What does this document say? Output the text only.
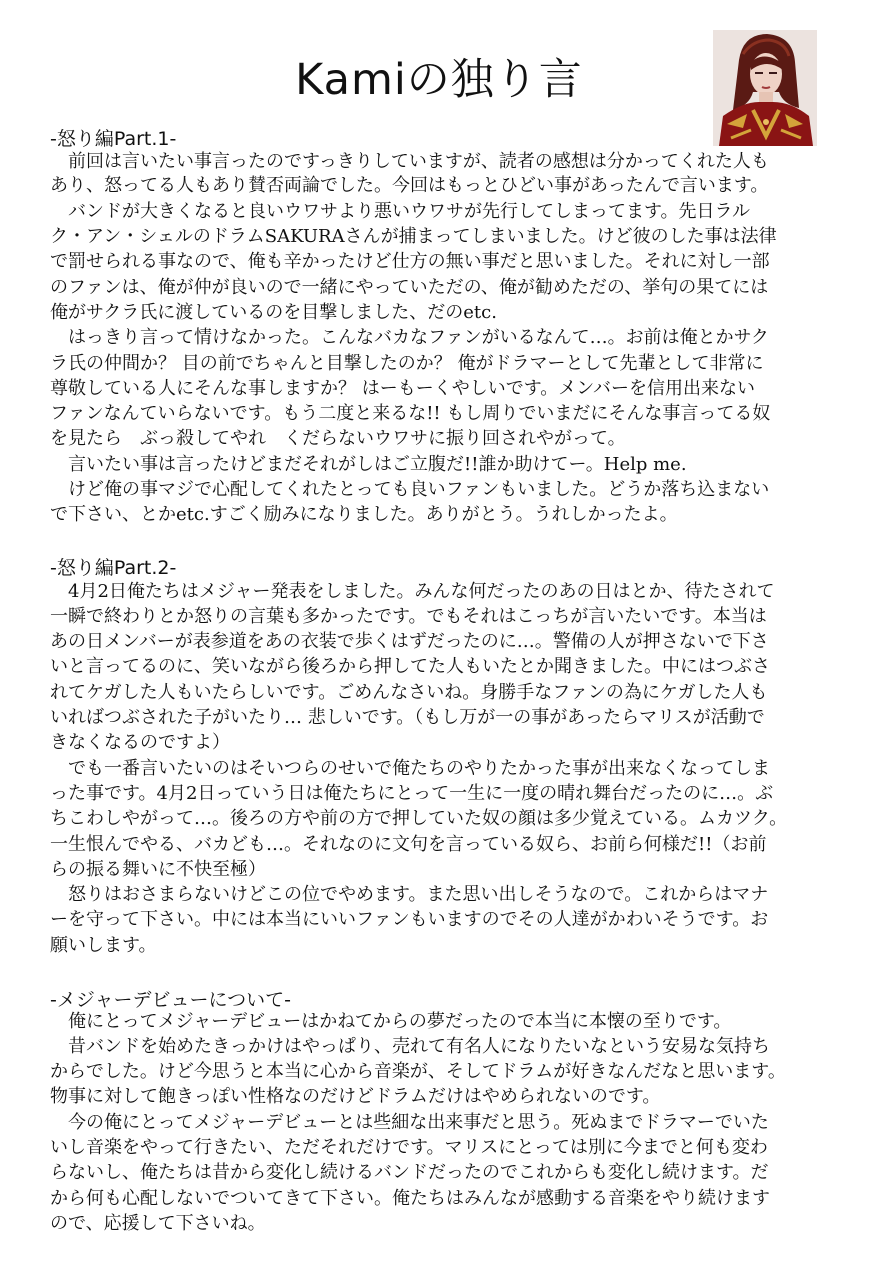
Kamiの独り言
-怒り編Part.1-
　前回は言いたい事言ったのですっきりしていますが、読者の感想は分かってくれた人も
あり、怒ってる人もあり賛否両論でした。今回はもっとひどい事があったんで言います。
　バンドが大きくなると良いウワサより悪いウワサが先行してしまってます。先日ラル
ク・アン・シェルのドラムSAKURAさんが捕まってしまいました。けど彼のした事は法律
で罰せられる事なので、俺も辛かったけど仕方の無い事だと思いました。それに対し一部
のファンは、俺が仲が良いので一緒にやっていただの、俺が勧めただの、挙句の果てには
俺がサクラ氏に渡しているのを目撃しました、だのetc.
　はっきり言って情けなかった。こんなバカなファンがいるなんて…。お前は俺とかサク
ラ氏の仲間か？ 目の前でちゃんと目撃したのか？ 俺がドラマーとして先輩として非常に
尊敬している人にそんな事しますか？ はーもーくやしいです。メンバーを信用出来ない
ファンなんていらないです。もう二度と来るな!! もし周りでいまだにそんな事言ってる奴
を見たら　ぶっ殺してやれ　くだらないウワサに振り回されやがって。
　言いたい事は言ったけどまだそれがしはご立腹だ!!誰か助けてー。Help me.
　けど俺の事マジで心配してくれたとっても良いファンもいました。どうか落ち込まない
で下さい、とかetc.すごく励みになりました。ありがとう。うれしかったよ。
-怒り編Part.2-
　4月2日俺たちはメジャー発表をしました。みんな何だったのあの日はとか、待たされて
一瞬で終わりとか怒りの言葉も多かったです。でもそれはこっちが言いたいです。本当は
あの日メンバーが表参道をあの衣装で歩くはずだったのに…。警備の人が押さないで下さ
いと言ってるのに、笑いながら後ろから押してた人もいたとか聞きました。中にはつぶさ
れてケガした人もいたらしいです。ごめんなさいね。身勝手なファンの為にケガした人も
いればつぶされた子がいたり… 悲しいです。（もし万が一の事があったらマリスが活動で
きなくなるのですよ）
　でも一番言いたいのはそいつらのせいで俺たちのやりたかった事が出来なくなってしま
った事です。4月2日っていう日は俺たちにとって一生に一度の晴れ舞台だったのに…。ぶ
ちこわしやがって…。後ろの方や前の方で押していた奴の顔は多少覚えている。ムカツク。
一生恨んでやる、バカども…。それなのに文句を言っている奴ら、お前ら何様だ!!（お前
らの振る舞いに不快至極）
　怒りはおさまらないけどこの位でやめます。また思い出しそうなので。これからはマナ
ーを守って下さい。中には本当にいいファンもいますのでその人達がかわいそうです。お
願いします。
-メジャーデビューについて-
　俺にとってメジャーデビューはかねてからの夢だったので本当に本懐の至りです。
　昔バンドを始めたきっかけはやっぱり、売れて有名人になりたいなという安易な気持ち
からでした。けど今思うと本当に心から音楽が、そしてドラムが好きなんだなと思います。
物事に対して飽きっぽい性格なのだけどドラムだけはやめられないのです。
　今の俺にとってメジャーデビューとは些細な出来事だと思う。死ぬまでドラマーでいた
いし音楽をやって行きたい、ただそれだけです。マリスにとっては別に今までと何も変わ
らないし、俺たちは昔から変化し続けるバンドだったのでこれからも変化し続けます。だ
から何も心配しないでついてきて下さい。俺たちはみんなが感動する音楽をやり続けます
ので、応援して下さいね。
